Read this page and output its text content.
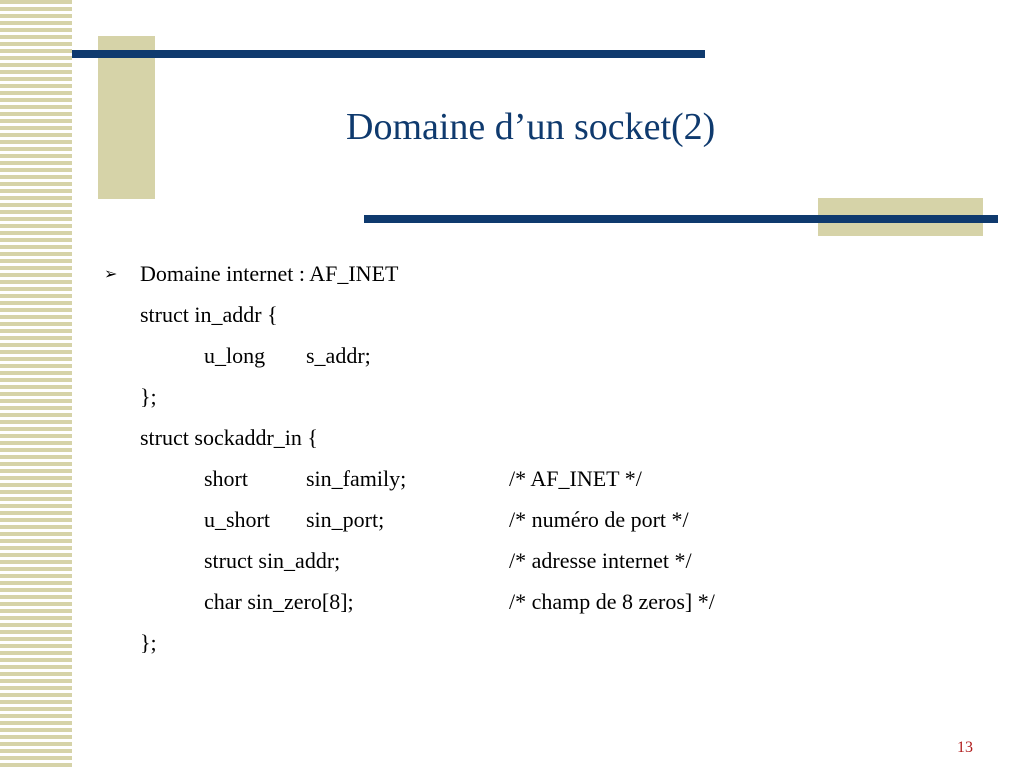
Domaine d’un socket(2)
➢	Domaine internet : AF_INET
struct in_addr {
u_long s_addr;
};
struct sockaddr_in {
short	sin_family;	/* AF_INET */
u_short sin_port;	/* numéro de port */
struct sin_addr;	/* adresse internet */
char sin_zero[8];	/* champ de 8 zeros] */
};
13
